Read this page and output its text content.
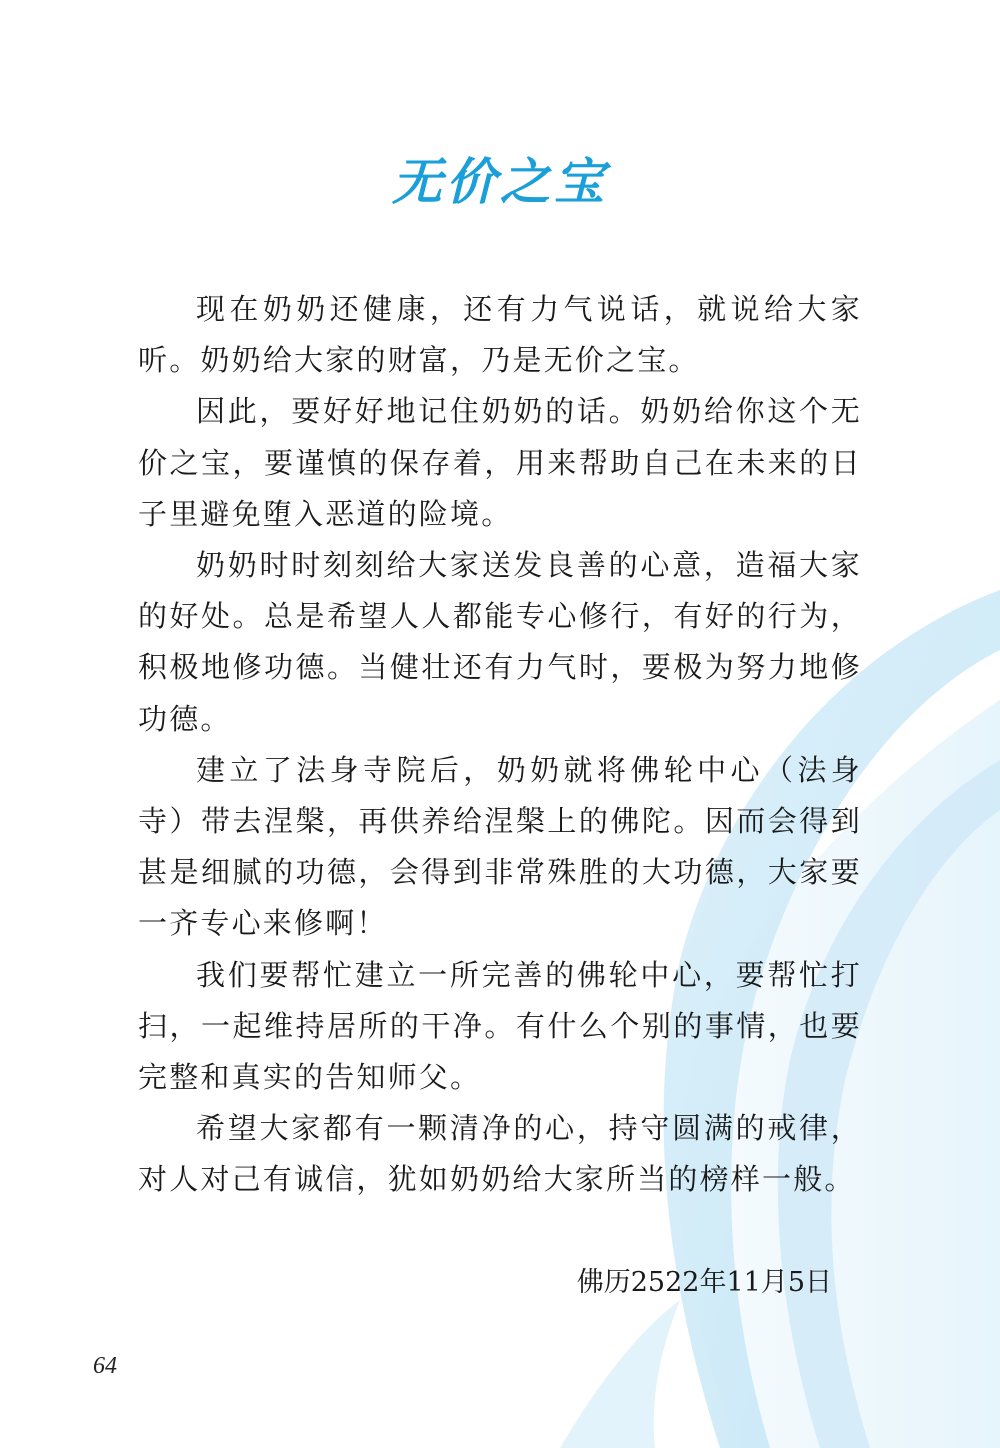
无价之宝

现在奶奶还健康，还有力气说话，就说给大家听。奶奶给大家的财富，乃是无价之宝。

因此，要好好地记住奶奶的话。奶奶给你这个无价之宝，要谨慎的保存着，用来帮助自己在未来的日子里避免堕入恶道的险境。

奶奶时时刻刻给大家送发良善的心意，造福大家的好处。总是希望人人都能专心修行，有好的行为，积极地修功德。当健壮还有力气时，要极为努力地修功德。

建立了法身寺院后，奶奶就将佛轮中心（法身寺）带去涅槃，再供养给涅槃上的佛陀。因而会得到甚是细腻的功德，会得到非常殊胜的大功德，大家要一齐专心来修啊！

我们要帮忙建立一所完善的佛轮中心，要帮忙打扫，一起维持居所的干净。有什么个别的事情，也要完整和真实的告知师父。

希望大家都有一颗清净的心，持守圆满的戒律，对人对己有诚信，犹如奶奶给大家所当的榜样一般。

佛历2522年11月5日
64
